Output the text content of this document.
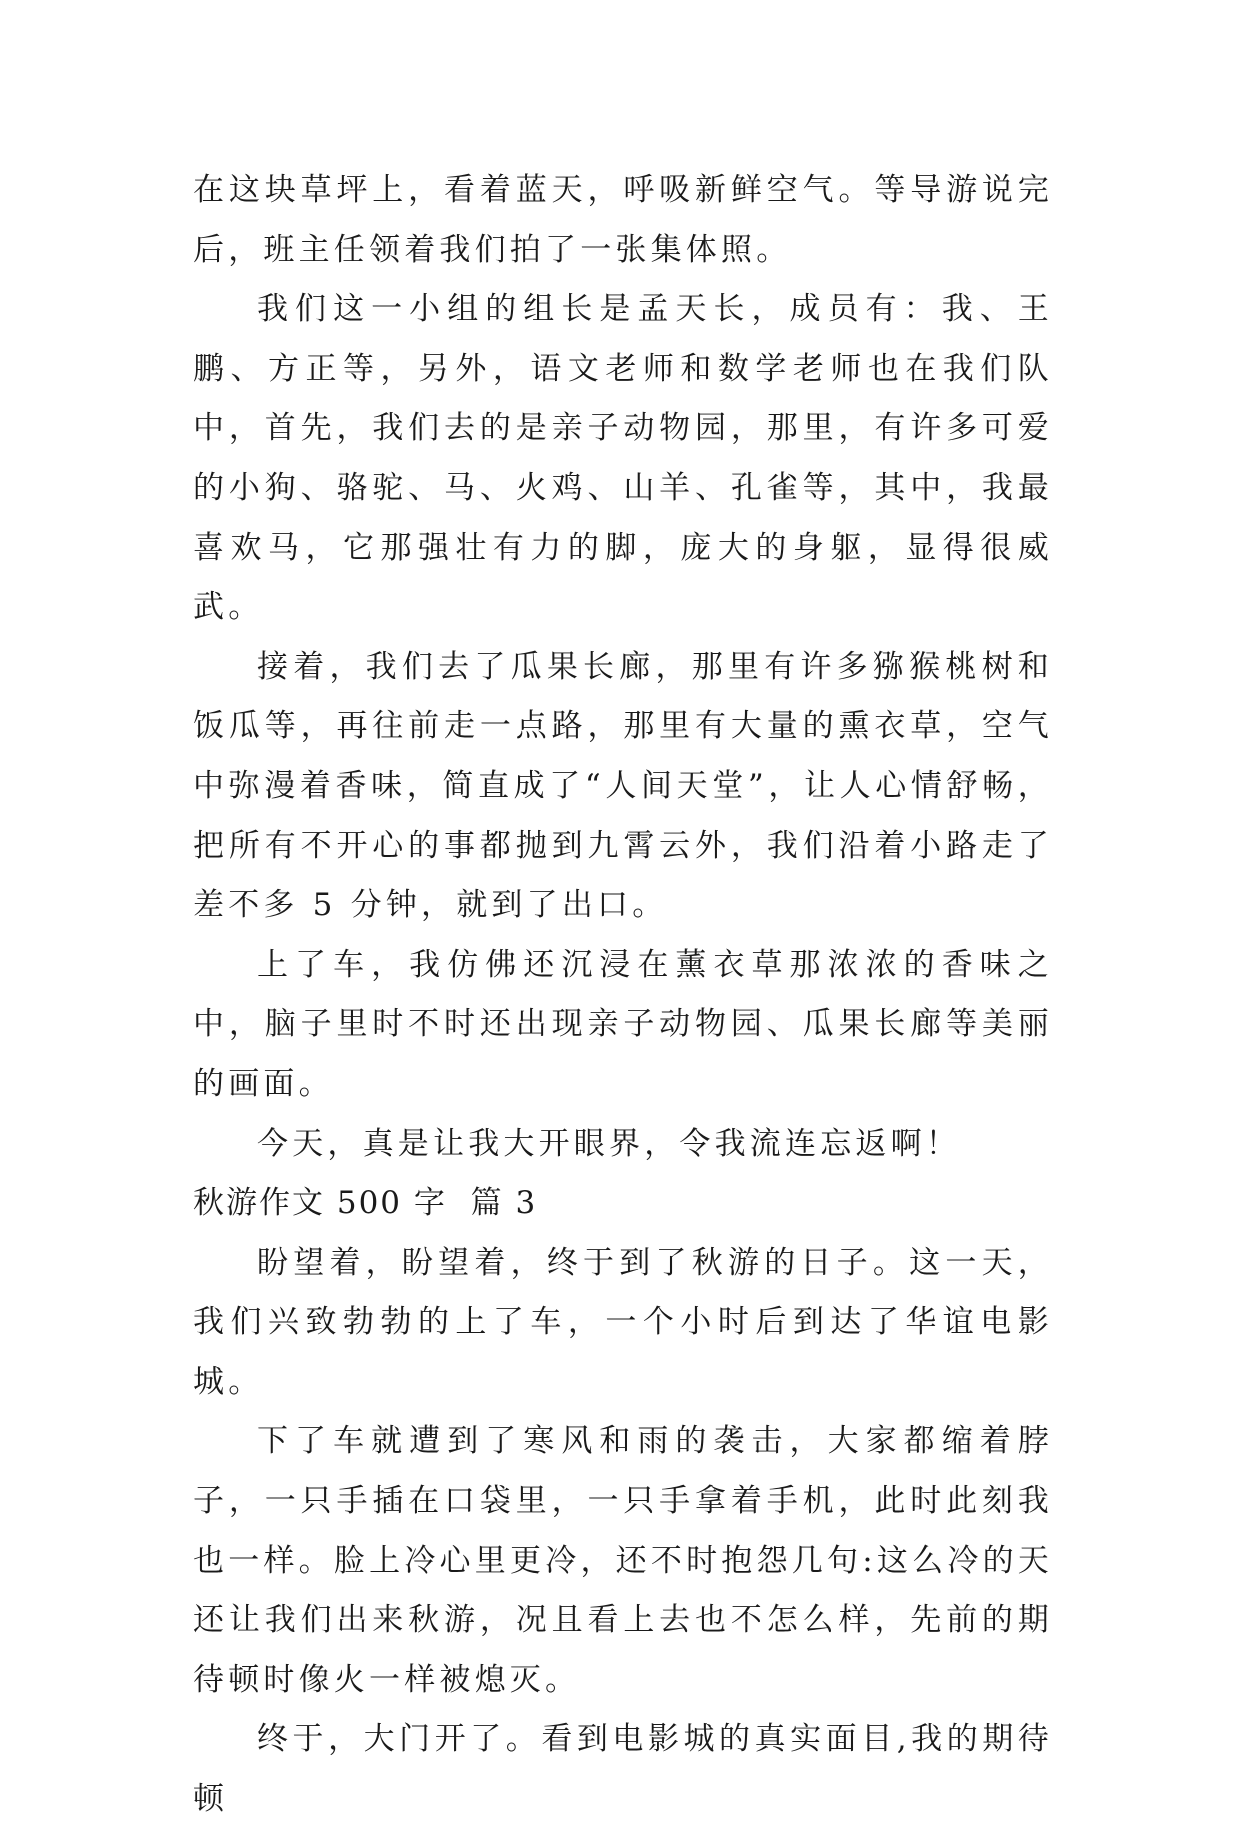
在这块草坪上，看着蓝天，呼吸新鲜空气。等导游说完后，班主任领着我们拍了一张集体照。

我们这一小组的组长是孟天长，成员有：我、王鹏、方正等，另外，语文老师和数学老师也在我们队中，首先，我们去的是亲子动物园，那里，有许多可爱的小狗、骆驼、马、火鸡、山羊、孔雀等，其中，我最喜欢马，它那强壮有力的脚，庞大的身躯，显得很威武。

接着，我们去了瓜果长廊，那里有许多猕猴桃树和饭瓜等，再往前走一点路，那里有大量的熏衣草，空气中弥漫着香味，简直成了“人间天堂”，让人心情舒畅，把所有不开心的事都抛到九霄云外，我们沿着小路走了差不多 5 分钟，就到了出口。

上了车，我仿佛还沉浸在薰衣草那浓浓的香味之中，脑子里时不时还出现亲子动物园、瓜果长廊等美丽的画面。

今天，真是让我大开眼界，令我流连忘返啊！

秋游作文 500 字  篇 3

盼望着，盼望着，终于到了秋游的日子。这一天，我们兴致勃勃的上了车，一个小时后到达了华谊电影城。

下了车就遭到了寒风和雨的袭击，大家都缩着脖子，一只手插在口袋里，一只手拿着手机，此时此刻我也一样。脸上冷心里更冷，还不时抱怨几句:这么冷的天还让我们出来秋游，况且看上去也不怎么样，先前的期待顿时像火一样被熄灭。

终于，大门开了。看到电影城的真实面目,我的期待顿
